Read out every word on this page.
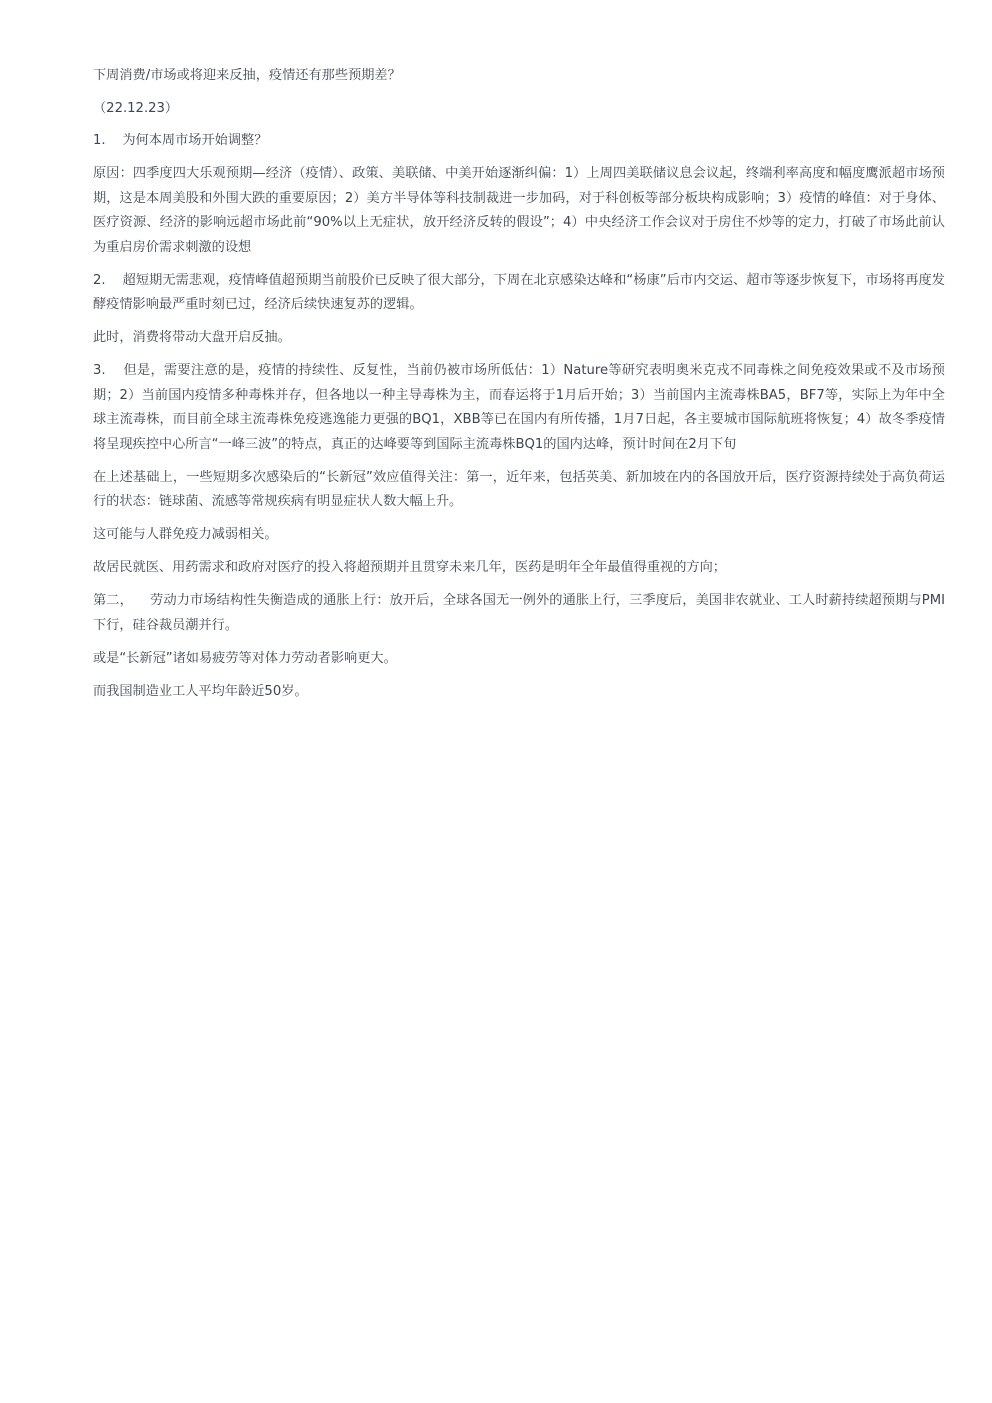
下周消费/市场或将迎来反抽，疫情还有那些预期差？

（22.12.23）

1.    为何本周市场开始调整？

原因：四季度四大乐观预期—经济（疫情）、政策、美联储、中美开始逐渐纠偏：1）上周四美联储议息会议起，终端利率高度和幅度鹰派超市场预期，这是本周美股和外围大跌的重要原因；2）美方半导体等科技制裁进一步加码，对于科创板等部分板块构成影响；3）疫情的峰值：对于身体、医疗资源、经济的影响远超市场此前“90%以上无症状，放开经济反转的假设”；4）中央经济工作会议对于房住不炒等的定力，打破了市场此前认为重启房价需求刺激的设想

2.    超短期无需悲观，疫情峰值超预期当前股价已反映了很大部分，下周在北京感染达峰和“杨康”后市内交运、超市等逐步恢复下，市场将再度发酵疫情影响最严重时刻已过，经济后续快速复苏的逻辑。

此时，消费将带动大盘开启反抽。

3.    但是，需要注意的是，疫情的持续性、反复性，当前仍被市场所低估：1）Nature等研究表明奥米克戎不同毒株之间免疫效果或不及市场预期；2）当前国内疫情多种毒株并存，但各地以一种主导毒株为主，而春运将于1月后开始；3）当前国内主流毒株BA5，BF7等，实际上为年中全球主流毒株，而目前全球主流毒株免疫逃逸能力更强的BQ1，XBB等已在国内有所传播，1月7日起，各主要城市国际航班将恢复；4）故冬季疫情将呈现疾控中心所言“一峰三波”的特点，真正的达峰要等到国际主流毒株BQ1的国内达峰，预计时间在2月下旬

在上述基础上，一些短期多次感染后的“长新冠”效应值得关注：第一，近年来，包括英美、新加坡在内的各国放开后，医疗资源持续处于高负荷运行的状态：链球菌、流感等常规疾病有明显症状人数大幅上升。

这可能与人群免疫力减弱相关。

故居民就医、用药需求和政府对医疗的投入将超预期并且贯穿未来几年，医药是明年全年最值得重视的方向；

第二，    劳动力市场结构性失衡造成的通胀上行：放开后，全球各国无一例外的通胀上行，三季度后，美国非农就业、工人时薪持续超预期与PMI下行，硅谷裁员潮并行。

或是“长新冠”诸如易疲劳等对体力劳动者影响更大。

而我国制造业工人平均年龄近50岁。
